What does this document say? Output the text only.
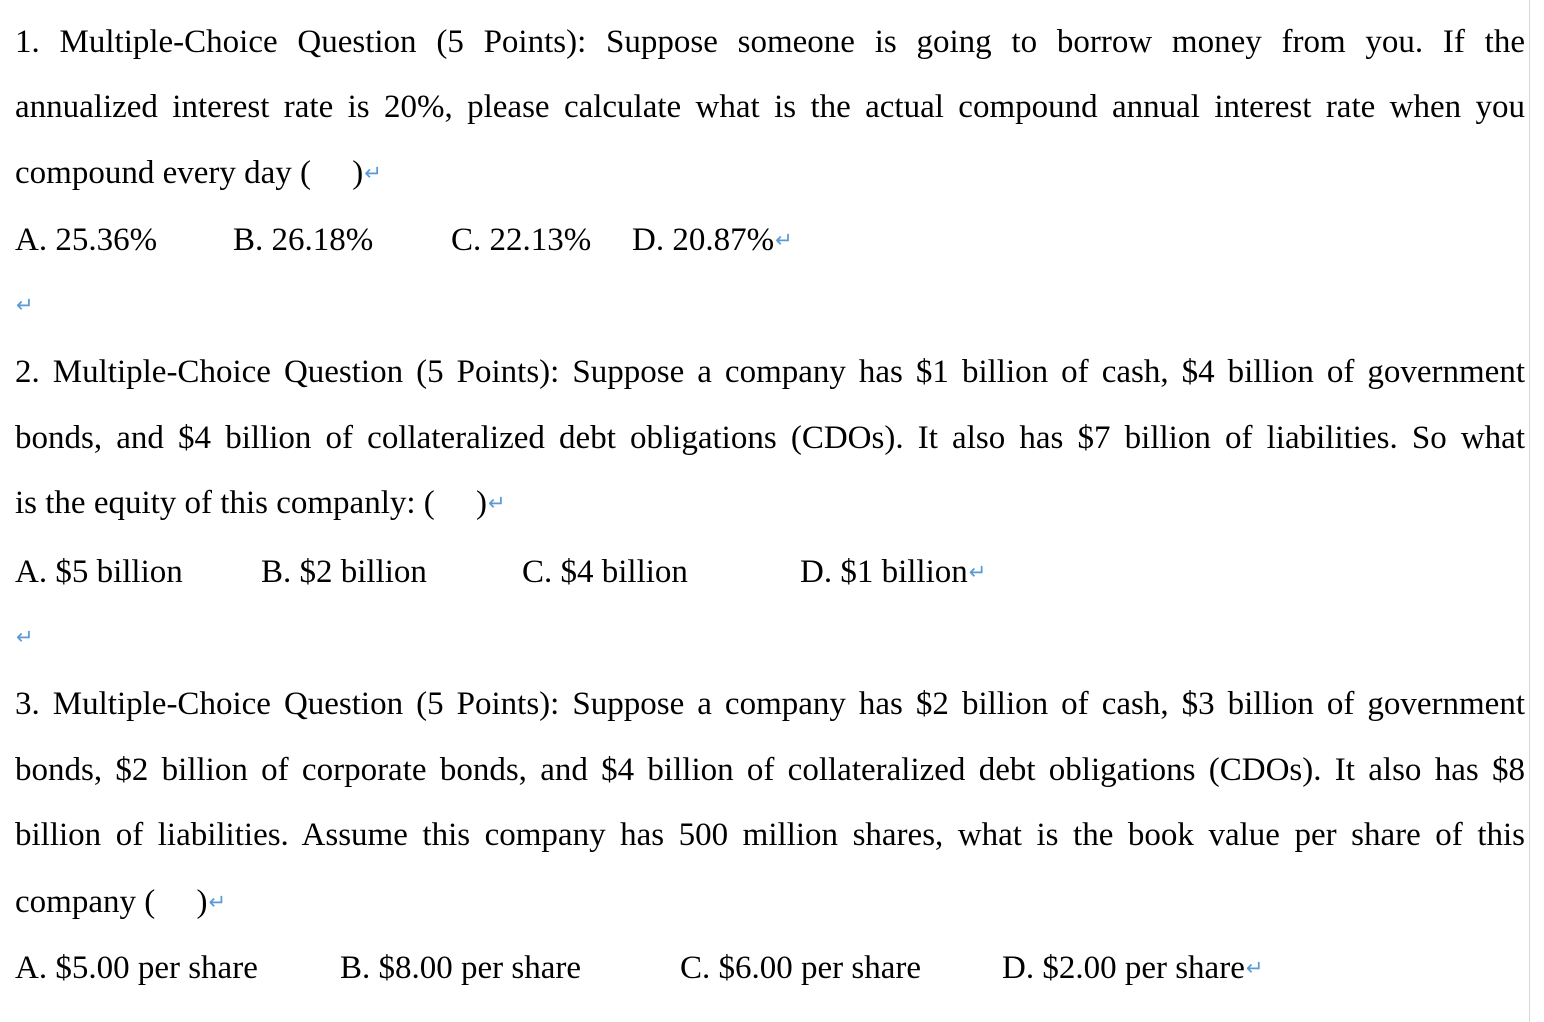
1. Multiple-Choice Question (5 Points): Suppose someone is going to borrow money from you. If the
annualized interest rate is 20%, please calculate what is the actual compound annual interest rate when you
compound every day (     )↵
A. 25.36% B. 26.18% C. 22.13% D. 20.87%↵
↵
2. Multiple-Choice Question (5 Points): Suppose a company has $1 billion of cash, $4 billion of government
bonds, and $4 billion of collateralized debt obligations (CDOs). It also has $7 billion of liabilities. So what
is the equity of this companly: (     )↵
A. $5 billion B. $2 billion	C. $4 billion	D. $1 billion↵
↵
3. Multiple-Choice Question (5 Points): Suppose a company has $2 billion of cash, $3 billion of government
bonds, $2 billion of corporate bonds, and $4 billion of collateralized debt obligations (CDOs). It also has $8
billion of liabilities. Assume this company has 500 million shares, what is the book value per share of this
company (     )↵
A. $5.00 per share B. $8.00 per share	C. $6.00 per share D. $2.00 per share↵
